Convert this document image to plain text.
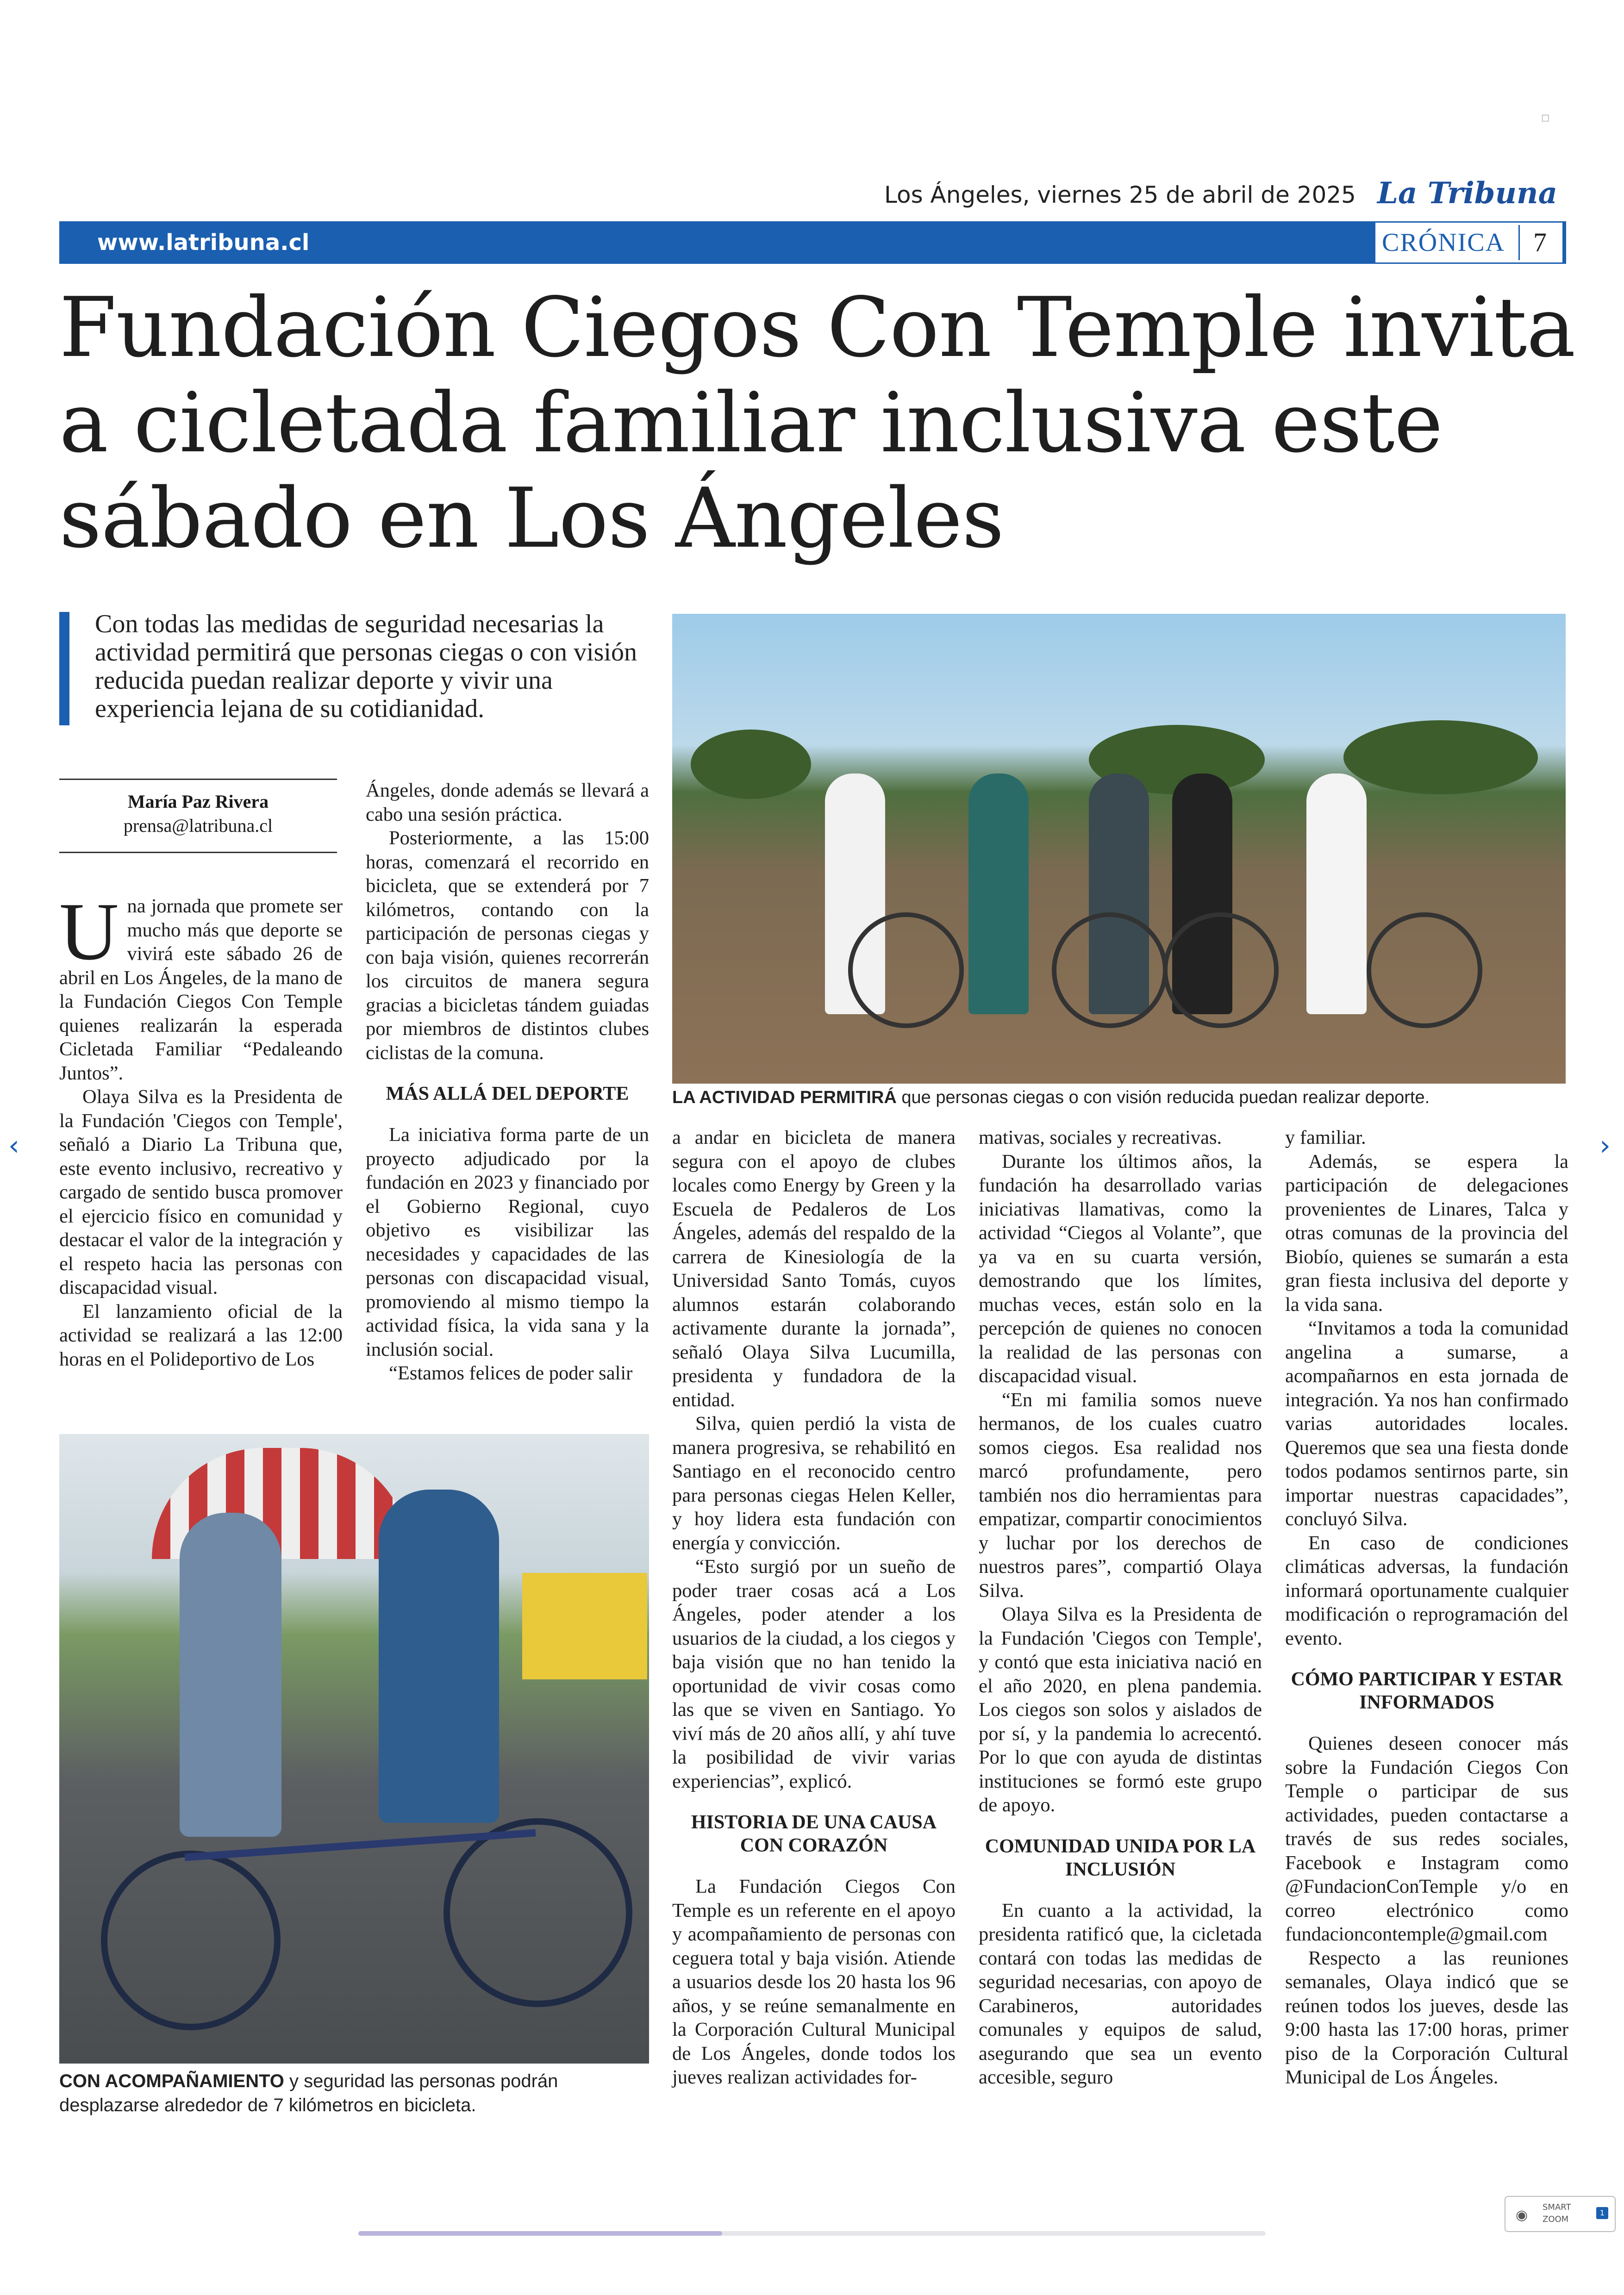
Los Ángeles, viernes 25 de abril de 2025 La Tribuna
www.latribuna.cl	CRÓNICA 7
▫
Fundación Ciegos Con Temple invita
a cicletada familiar inclusiva este
sábado en Los Ángeles
Con todas las medidas de seguridad necesarias la actividad permitirá que personas ciegas o con visión reducida puedan realizar deporte y vivir una experiencia lejana de su cotidianidad.
LA ACTIVIDAD PERMITIRÁ que personas ciegas o con visión reducida puedan realizar deporte.
María Paz Rivera
prensa@latribuna.cl

Una jornada que promete ser mucho más que deporte se vivirá este sábado 26 de abril en Los Ángeles, de la mano de la Fundación Ciegos Con Temple quienes realizarán la esperada Cicletada Familiar “Pedaleando Juntos”.

Olaya Silva es la Presidenta de la Fundación 'Ciegos con Temple', señaló a Diario La Tribuna que, este evento inclusivo, recreativo y cargado de sentido busca promover el ejercicio físico en comunidad y destacar el valor de la integración y el respeto hacia las personas con discapacidad visual.

El lanzamiento oficial de la actividad se realizará a las 12:00 horas en el Polideportivo de Los

Ángeles, donde además se llevará a cabo una sesión práctica.

Posteriormente, a las 15:00 horas, comenzará el recorrido en bicicleta, que se extenderá por 7 kilómetros, contando con la participación de personas ciegas y con baja visión, quienes recorrerán los circuitos de manera segura gracias a bicicletas tándem guiadas por miembros de distintos clubes ciclistas de la comuna.

MÁS ALLÁ DEL DEPORTE

La iniciativa forma parte de un proyecto adjudicado por la fundación en 2023 y financiado por el Gobierno Regional, cuyo objetivo es visibilizar las necesidades y capacidades de las personas con discapacidad visual, promoviendo al mismo tiempo la actividad física, la vida sana y la inclusión social.

“Estamos felices de poder salir

CON ACOMPAÑAMIENTO y seguridad las personas podrán desplazarse alrededor de 7 kilómetros en bicicleta.

a andar en bicicleta de manera segura con el apoyo de clubes locales como Energy by Green y la Escuela de Pedaleros de Los Ángeles, además del respaldo de la carrera de Kinesiología de la Universidad Santo Tomás, cuyos alumnos estarán colaborando activamente durante la jornada”, señaló Olaya Silva Lucumilla, presidenta y fundadora de la entidad.

Silva, quien perdió la vista de manera progresiva, se rehabilitó en Santiago en el reconocido centro para personas ciegas Helen Keller, y hoy lidera esta fundación con energía y convicción.

“Esto surgió por un sueño de poder traer cosas acá a Los Ángeles, poder atender a los usuarios de la ciudad, a los ciegos y baja visión que no han tenido la oportunidad de vivir cosas como las que se viven en Santiago. Yo viví más de 20 años allí, y ahí tuve la posibilidad de vivir varias experiencias”, explicó.

HISTORIA DE UNA CAUSA CON CORAZÓN

La Fundación Ciegos Con Temple es un referente en el apoyo y acompañamiento de personas con ceguera total y baja visión. Atiende a usuarios desde los 20 hasta los 96 años, y se reúne semanalmente en la Corporación Cultural Municipal de Los Ángeles, donde todos los jueves realizan actividades for-

mativas, sociales y recreativas.

Durante los últimos años, la fundación ha desarrollado varias iniciativas llamativas, como la actividad “Ciegos al Volante”, que ya va en su cuarta versión, demostrando que los límites, muchas veces, están solo en la percepción de quienes no conocen la realidad de las personas con discapacidad visual.

“En mi familia somos nueve hermanos, de los cuales cuatro somos ciegos. Esa realidad nos marcó profundamente, pero también nos dio herramientas para empatizar, compartir conocimientos y luchar por los derechos de nuestros pares”, compartió Olaya Silva.

Olaya Silva es la Presidenta de la Fundación 'Ciegos con Temple', y contó que esta iniciativa nació en el año 2020, en plena pandemia. Los ciegos son solos y aislados de por sí, y la pandemia lo acrecentó. Por lo que con ayuda de distintas instituciones se formó este grupo de apoyo.

COMUNIDAD UNIDA POR LA INCLUSIÓN

En cuanto a la actividad, la presidenta ratificó que, la cicletada contará con todas las medidas de seguridad necesarias, con apoyo de Carabineros, autoridades comunales y equipos de salud, asegurando que sea un evento accesible, seguro

y familiar.

Además, se espera la participación de delegaciones provenientes de Linares, Talca y otras comunas de la provincia del Biobío, quienes se sumarán a esta gran fiesta inclusiva del deporte y la vida sana.

“Invitamos a toda la comunidad angelina a sumarse, a acompañarnos en esta jornada de integración. Ya nos han confirmado varias autoridades locales. Queremos que sea una fiesta donde todos podamos sentirnos parte, sin importar nuestras capacidades”, concluyó Silva.

En caso de condiciones climáticas adversas, la fundación informará oportunamente cualquier modificación o reprogramación del evento.

CÓMO PARTICIPAR Y ESTAR INFORMADOS

Quienes deseen conocer más sobre la Fundación Ciegos Con Temple o participar de sus actividades, pueden contactarse a través de sus redes sociales, Facebook e Instagram como @FundacionConTemple y/o en correo electrónico como fundacioncontemple@gmail.com

Respecto a las reuniones semanales, Olaya indicó que se reúnen todos los jueves, desde las 9:00 hasta las 17:00 horas, primer piso de la Corporación Cultural Municipal de Los Ángeles.

‹	›
◉ SMART
ZOOM
1
